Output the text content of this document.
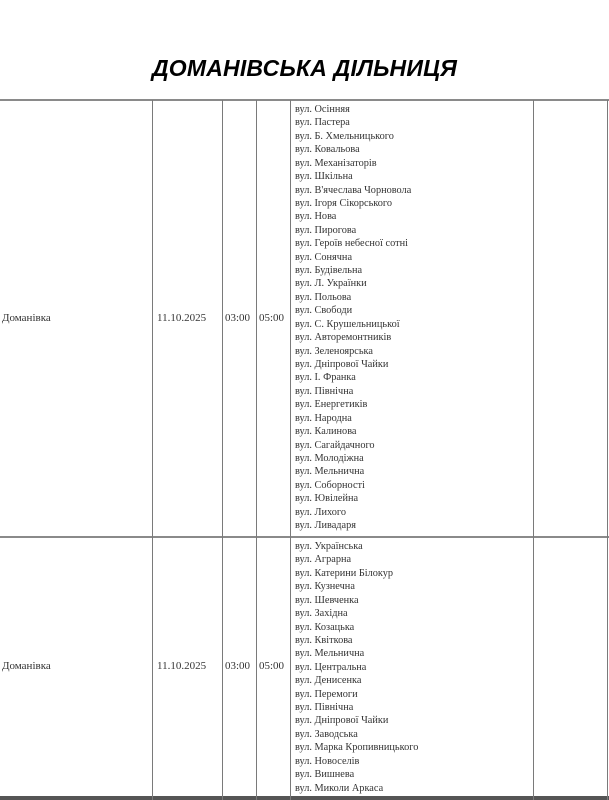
ДОМАНІВСЬКА ДІЛЬНИЦЯ
Доманівка	11.10.2025 03:00 05:00
вул. Осінняя
вул. Пастера
вул. Б. Хмельницького
вул. Ковальова
вул. Механізаторів
вул. Шкільна
вул. В'ячеслава Чорновола
вул. Ігоря Сікорського
вул. Нова
вул. Пирогова
вул. Героїв небесної сотні
вул. Сонячна
вул. Будівельна
вул. Л. Українки
вул. Польова
вул. Свободи
вул. С. Крушельницької
вул. Авторемонтників
вул. Зеленоярська
вул. Дніпрової Чайки
вул. І. Франка
вул. Північна
вул. Енергетиків
вул. Народна
вул. Калинова
вул. Сагайдачного
вул. Молодіжна
вул. Мельнична
вул. Соборності
вул. Ювілейна
вул. Лихого
вул. Ливадаря
Доманівка	11.10.2025 03:00 05:00
вул. Українська
вул. Аграрна
вул. Катерини Білокур
вул. Кузнечна
вул. Шевченка
вул. Західна
вул. Козацька
вул. Квіткова
вул. Мельнична
вул. Центральна
вул. Денисенка
вул. Перемоги
вул. Північна
вул. Дніпрової Чайки
вул. Заводська
вул. Марка Кропивницького
вул. Новоселів
вул. Вишнева
вул. Миколи Аркаса
